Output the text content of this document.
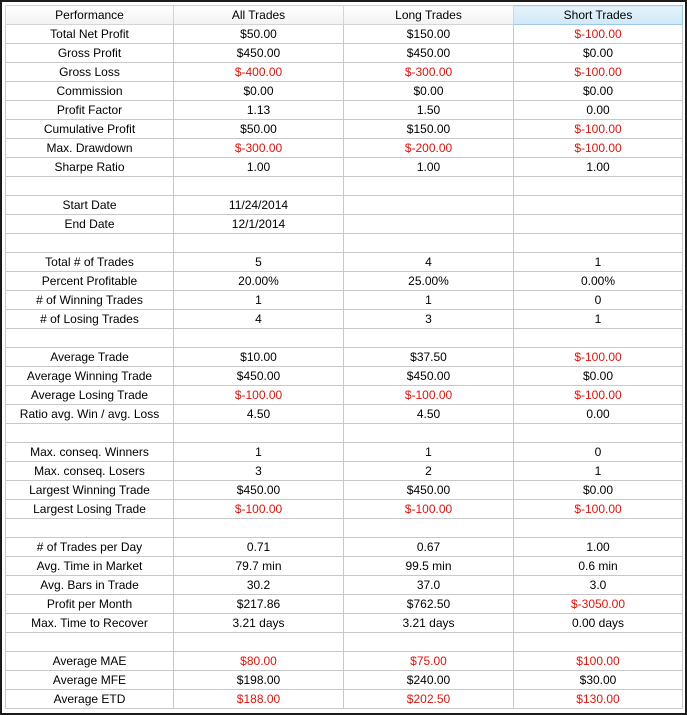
Performance	All Trades	Long Trades	Short Trades
Total Net Profit	$50.00	$150.00	$-100.00
Gross Profit	$450.00	$450.00	$0.00
Gross Loss	$-400.00	$-300.00	$-100.00
Commission	$0.00	$0.00	$0.00
Profit Factor	1.13	1.50	0.00
Cumulative Profit	$50.00	$150.00	$-100.00
Max. Drawdown	$-300.00	$-200.00	$-100.00
Sharpe Ratio	1.00	1.00	1.00

Start Date	11/24/2014		
End Date	12/1/2014		

Total # of Trades	5	4	1
Percent Profitable	20.00%	25.00%	0.00%
# of Winning Trades	1	1	0
# of Losing Trades	4	3	1

Average Trade	$10.00	$37.50	$-100.00
Average Winning Trade	$450.00	$450.00	$0.00
Average Losing Trade	$-100.00	$-100.00	$-100.00
Ratio avg. Win / avg. Loss	4.50	4.50	0.00

Max. conseq. Winners	1	1	0
Max. conseq. Losers	3	2	1
Largest Winning Trade	$450.00	$450.00	$0.00
Largest Losing Trade	$-100.00	$-100.00	$-100.00

# of Trades per Day	0.71	0.67	1.00
Avg. Time in Market	79.7 min	99.5 min	0.6 min
Avg. Bars in Trade	30.2	37.0	3.0
Profit per Month	$217.86	$762.50	$-3050.00
Max. Time to Recover	3.21 days	3.21 days	0.00 days

Average MAE	$80.00	$75.00	$100.00
Average MFE	$198.00	$240.00	$30.00
Average ETD	$188.00	$202.50	$130.00
